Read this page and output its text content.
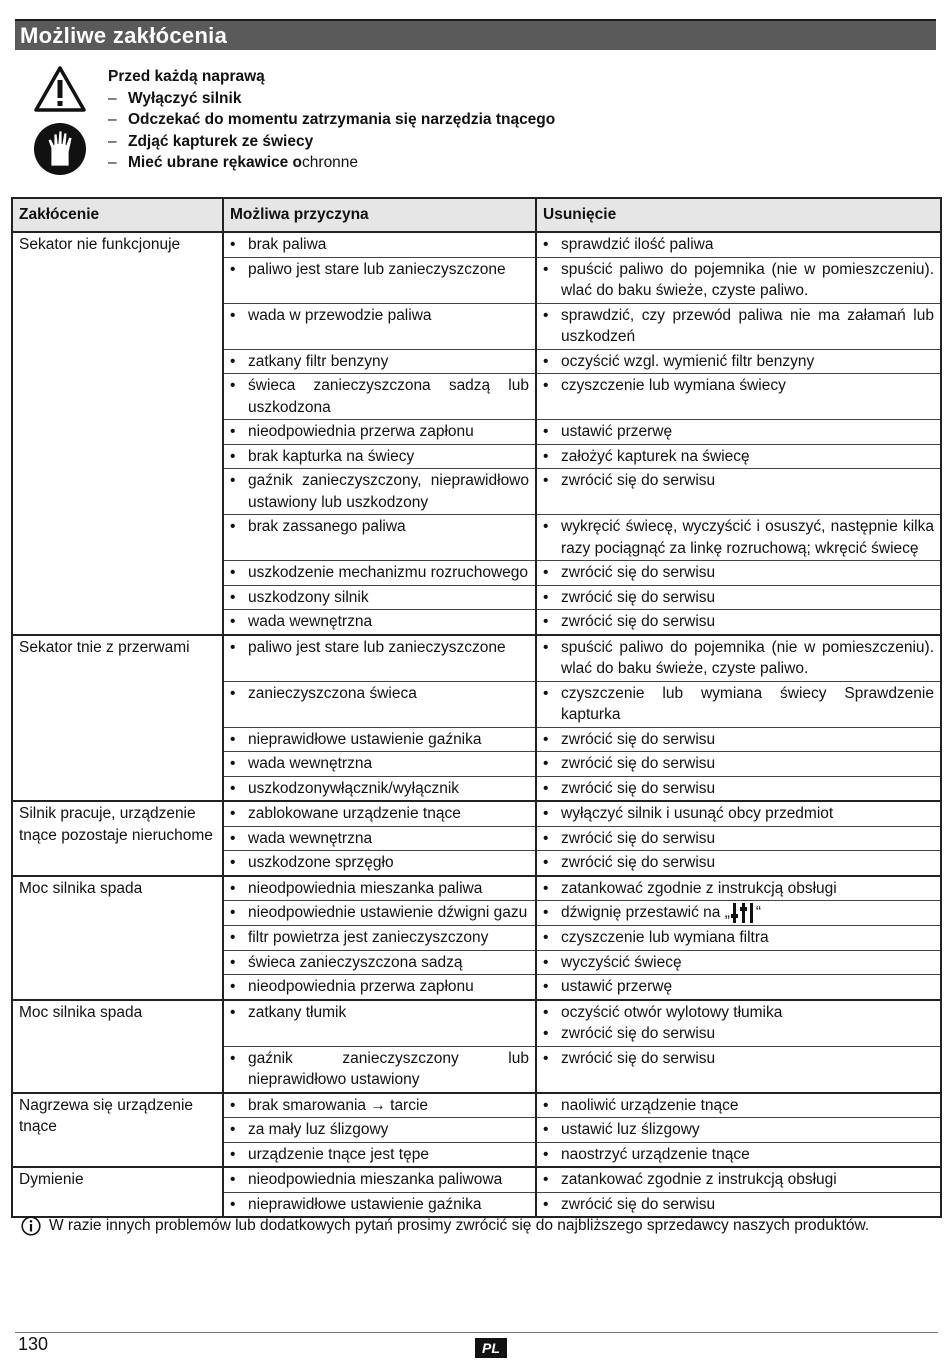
Możliwe zakłócenia
Przed każdą naprawą
– Wyłączyć silnik
– Odczekać do momentu zatrzymania się narzędzia tnącego
– Zdjąć kapturek ze świecy
– Mieć ubrane rękawice ochronne
Zakłócenie	Możliwa przyczyna	Usunięcie
Sekator nie funkcjonuje	• brak paliwa	• sprawdzić ilość paliwa

	• paliwo jest stare lub zanieczyszczone	• spuścić paliwo do pojemnika (nie w pomieszczeniu). wlać do baku świeże, czyste paliwo.

	• wada w przewodzie paliwa	• sprawdzić, czy przewód paliwa nie ma załamań lub uszkodzeń

	• zatkany filtr benzyny	• oczyścić wzgl. wymienić filtr benzyny

	• świeca zanieczyszczona sadzą lub uszkodzona	• czyszczenie lub wymiana świecy

	• nieodpowiednia przerwa zapłonu	• ustawić przerwę

	• brak kapturka na świecy	• założyć kapturek na świecę

	• gaźnik zanieczyszczony, nieprawidłowo ustawiony lub uszkodzony	• zwrócić się do serwisu

	• brak zassanego paliwa	• wykręcić świecę, wyczyścić i osuszyć, następnie kilka razy pociągnąć za linkę rozruchową; wkręcić świecę

	• uszkodzenie mechanizmu rozruchowego	• zwrócić się do serwisu

	• uszkodzony silnik	• zwrócić się do serwisu

	• wada wewnętrzna	• zwrócić się do serwisu

Sekator tnie z przerwami	• paliwo jest stare lub zanieczyszczone	• spuścić paliwo do pojemnika (nie w pomieszczeniu). wlać do baku świeże, czyste paliwo.

	• zanieczyszczona świeca	• czyszczenie lub wymiana świecy Sprawdzenie kapturka

	• nieprawidłowe ustawienie gaźnika	• zwrócić się do serwisu

	• wada wewnętrzna	• zwrócić się do serwisu

	• uszkodzonywłącznik/wyłącznik	• zwrócić się do serwisu

Silnik pracuje, urządzenie tnące pozostaje nieruchome	• zablokowane urządzenie tnące	• wyłączyć silnik i usunąć obcy przedmiot

	• wada wewnętrzna	• zwrócić się do serwisu

	• uszkodzone sprzęgło	• zwrócić się do serwisu

Moc silnika spada	• nieodpowiednia mieszanka paliwa	• zatankować zgodnie z instrukcją obsługi

	• nieodpowiednie ustawienie dźwigni gazu	• dźwignię przestawić na „ “

	• filtr powietrza jest zanieczyszczony	• czyszczenie lub wymiana filtra

	• świeca zanieczyszczona sadzą	• wyczyścić świecę

	• nieodpowiednia przerwa zapłonu	• ustawić przerwę

Moc silnika spada	• zatkany tłumik	• oczyścić otwór wylotowy tłumika
• zwrócić się do serwisu

	• gaźnik zanieczyszczony lub nieprawidłowo ustawiony	• zwrócić się do serwisu

Nagrzewa się urządzenie tnące	• brak smarowania → tarcie	• naoliwić urządzenie tnące

	• za mały luz ślizgowy	• ustawić luz ślizgowy

	• urządzenie tnące jest tępe	• naostrzyć urządzenie tnące

Dymienie	• nieodpowiednia mieszanka paliwowa	• zatankować zgodnie z instrukcją obsługi

	• nieprawidłowe ustawienie gaźnika	• zwrócić się do serwisu
W razie innych problemów lub dodatkowych pytań prosimy zwrócić się do najbliższego sprzedawcy naszych produktów.
130	PL
